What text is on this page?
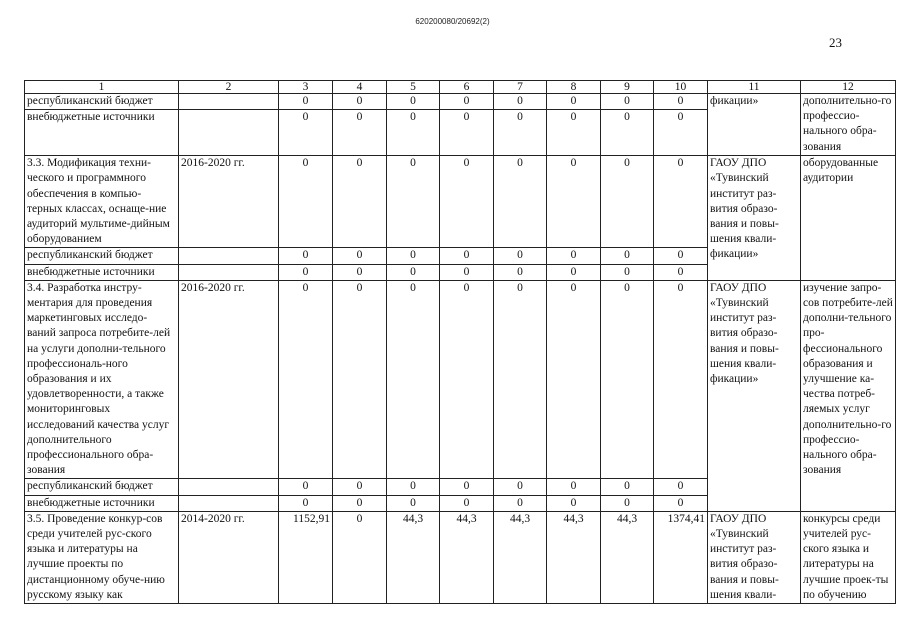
620200080/20692(2)
23
1	2	3	4	5	6	7	8	9	10	11	12
республиканский бюджет		0	0	0	0	0	0	0	0	фикации»	дополнительно-го профессио-нального обра-зования
внебюджетные источники		0	0	0	0	0	0	0	0		
3.3. Модификация техни-ческого и программного обеспечения в компью-терных классах, оснаще-ние аудиторий мультиме-дийным оборудованием	2016-2020 гг.	0	0	0	0	0	0	0	0	ГАОУ ДПО «Тувинский институт раз-вития образо-вания и повы-шения квали-фикации»	оборудованные аудитории
республиканский бюджет		0	0	0	0	0	0	0	0		
внебюджетные источники		0	0	0	0	0	0	0	0		
3.4. Разработка инстру-ментария для проведения маркетинговых исследо-ваний запроса потребите-лей на услуги дополни-тельного профессиональ-ного образования и их удовлетворенности, а также мониторинговых исследований качества услуг дополнительного профессионального обра-зования	2016-2020 гг.	0	0	0	0	0	0	0	0	ГАОУ ДПО «Тувинский институт раз-вития образо-вания и повы-шения квали-фикации»	изучение запро-сов потребите-лей дополни-тельного про-фессионального образования и улучшение ка-чества потреб-ляемых услуг дополнительно-го профессио-нального обра-зования
республиканский бюджет		0	0	0	0	0	0	0	0		
внебюджетные источники		0	0	0	0	0	0	0	0		
3.5. Проведение конкур-сов среди учителей рус-ского языка и литературы на лучшие проекты по дистанционному обуче-нию русскому языку как	2014-2020 гг.	1152,91	0	44,3	44,3	44,3	44,3	44,3	1374,41	ГАОУ ДПО «Тувинский институт раз-вития образо-вания и повы-шения квали-	конкурсы среди учителей рус-ского языка и литературы на лучшие проек-ты по обучению
